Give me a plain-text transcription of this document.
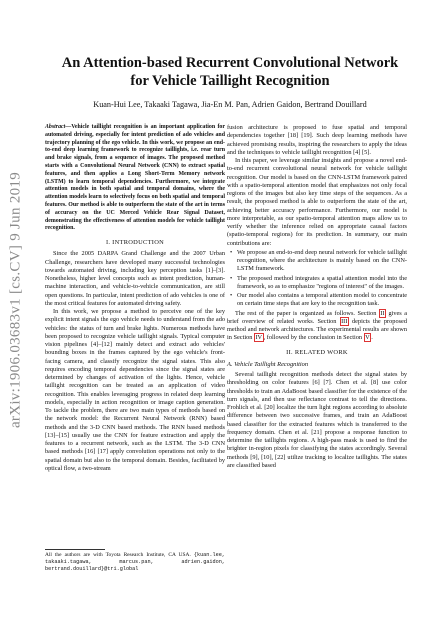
arXiv:1906.03683v1 [cs.CV] 9 Jun 2019
An Attention-based Recurrent Convolutional Network
for Vehicle Taillight Recognition
Kuan-Hui Lee, Takaaki Tagawa, Jia-En M. Pan, Adrien Gaidon, Bertrand Douillard

Abstract—Vehicle taillight recognition is an important application for automated driving, especially for intent prediction of ado vehicles and trajectory planning of the ego vehicle. In this work, we propose an end-to-end deep learning framework to recognize taillights, i.e. rear turn and brake signals, from a sequence of images. The proposed method starts with a Convolutional Neural Network (CNN) to extract spatial features, and then applies a Long Short-Term Memory network (LSTM) to learn temporal dependencies. Furthermore, we integrate attention models in both spatial and temporal domains, where the attention models learn to selectively focus on both spatial and temporal features. Our method is able to outperform the state of the art in terms of accuracy on the UC Merced Vehicle Rear Signal Dataset, demonstrating the effectiveness of attention models for vehicle taillight recognition.

I. INTRODUCTION

Since the 2005 DARPA Grand Challenge and the 2007 Urban Challenge, researchers have developed many successful technologies towards automated driving, including key perception tasks [1]–[3]. Nonetheless, higher level concepts such as intent prediction, human-machine interaction, and vehicle-to-vehicle communication, are still open questions. In particular, intent prediction of ado vehicles is one of the most critical features for automated driving safety.

In this work, we propose a method to perceive one of the key explicit intent signals the ego vehicle needs to understand from the ado vehicles: the status of turn and brake lights. Numerous methods have been proposed to recognize vehicle taillight signals. Typical computer vision pipelines [4]–[12] mainly detect and extract ado vehicles' bounding boxes in the frames captured by the ego vehicle's front-facing camera, and classify recognize the signal states. This also requires encoding temporal dependencies since the signal states are determined by changes of activation of the lights. Hence, vehicle taillight recognition can be treated as an application of video recognition. This enables leveraging progress in related deep learning models, especially in action recognition or image caption generation. To tackle the problem, there are two main types of methods based on the network model: the Recurrent Neural Network (RNN) based methods and the 3-D CNN based methods. The RNN based methods [13]–[15] usually use the CNN for feature extraction and apply the features to a recurrent network, such as the LSTM. The 3-D CNN based methods [16] [17] apply convolution operations not only to the spatial domain but also to the temporal domain. Besides, facilitated by optical flow, a two-stream

fusion architecture is proposed to fuse spatial and temporal dependencies together [18] [19]. Such deep learning methods have achieved promising results, inspiring the researchers to apply the ideas and the techniques to vehicle taillight recognition [4] [5].

In this paper, we leverage similar insights and propose a novel end-to-end recurrent convolutional neural network for vehicle taillight recognition. Our model is based on the CNN-LSTM framework paired with a spatio-temporal attention model that emphasizes not only focal regions of the images but also key time steps of the sequences. As a result, the proposed method is able to outperform the state of the art, achieving better accuracy performance. Furthermore, our model is more interpretable, as our spatio-temporal attention maps allow us to verify whether the inference relied on appropriate causal factors (spatio-temporal regions) for its prediction. In summary, our main contributions are:

• We propose an end-to-end deep neural network for vehicle taillight recognition, where the architecture is mainly based on the CNN-LSTM framework.
• The proposed method integrates a spatial attention model into the framework, so as to emphasize "regions of interest" of the images.
• Our model also contains a temporal attention model to concentrate on certain time steps that are key to the recognition task.

The rest of the paper is organized as follows. Section II gives a brief overview of related works. Section III depicts the proposed method and network architectures. The experimental results are shown in Section IV , followed by the conclusion in Section V .

II. RELATED WORK
A. Vehicle Taillight Recognition

Several taillight recognition methods detect the signal states by thresholding on color features [6] [7]. Chen et al. [8] use color thresholds to train an AdaBoost based classifier for the existence of the turn signals, and then use reflectance contrast to tell the directions. Frohlich et al. [20] localize the turn light regions according to absolute difference between two successive frames, and train an AdaBoost based classifier for the extracted features which is transferred to the frequency domain. Chen et al. [21] propose a response function to determine the taillights regions. A high-pass mask is used to find the brighter in-region pixels for classifying the states accordingly. Several methods [9], [10], [22] utilize tracking to localize taillights. The states are classified based

All the authors are with Toyota Research Institute, CA USA. {kuan.lee, takaaki.tagawa, marcus.pan, adrien.gaidon, bertrand.douillard}@tri.global
